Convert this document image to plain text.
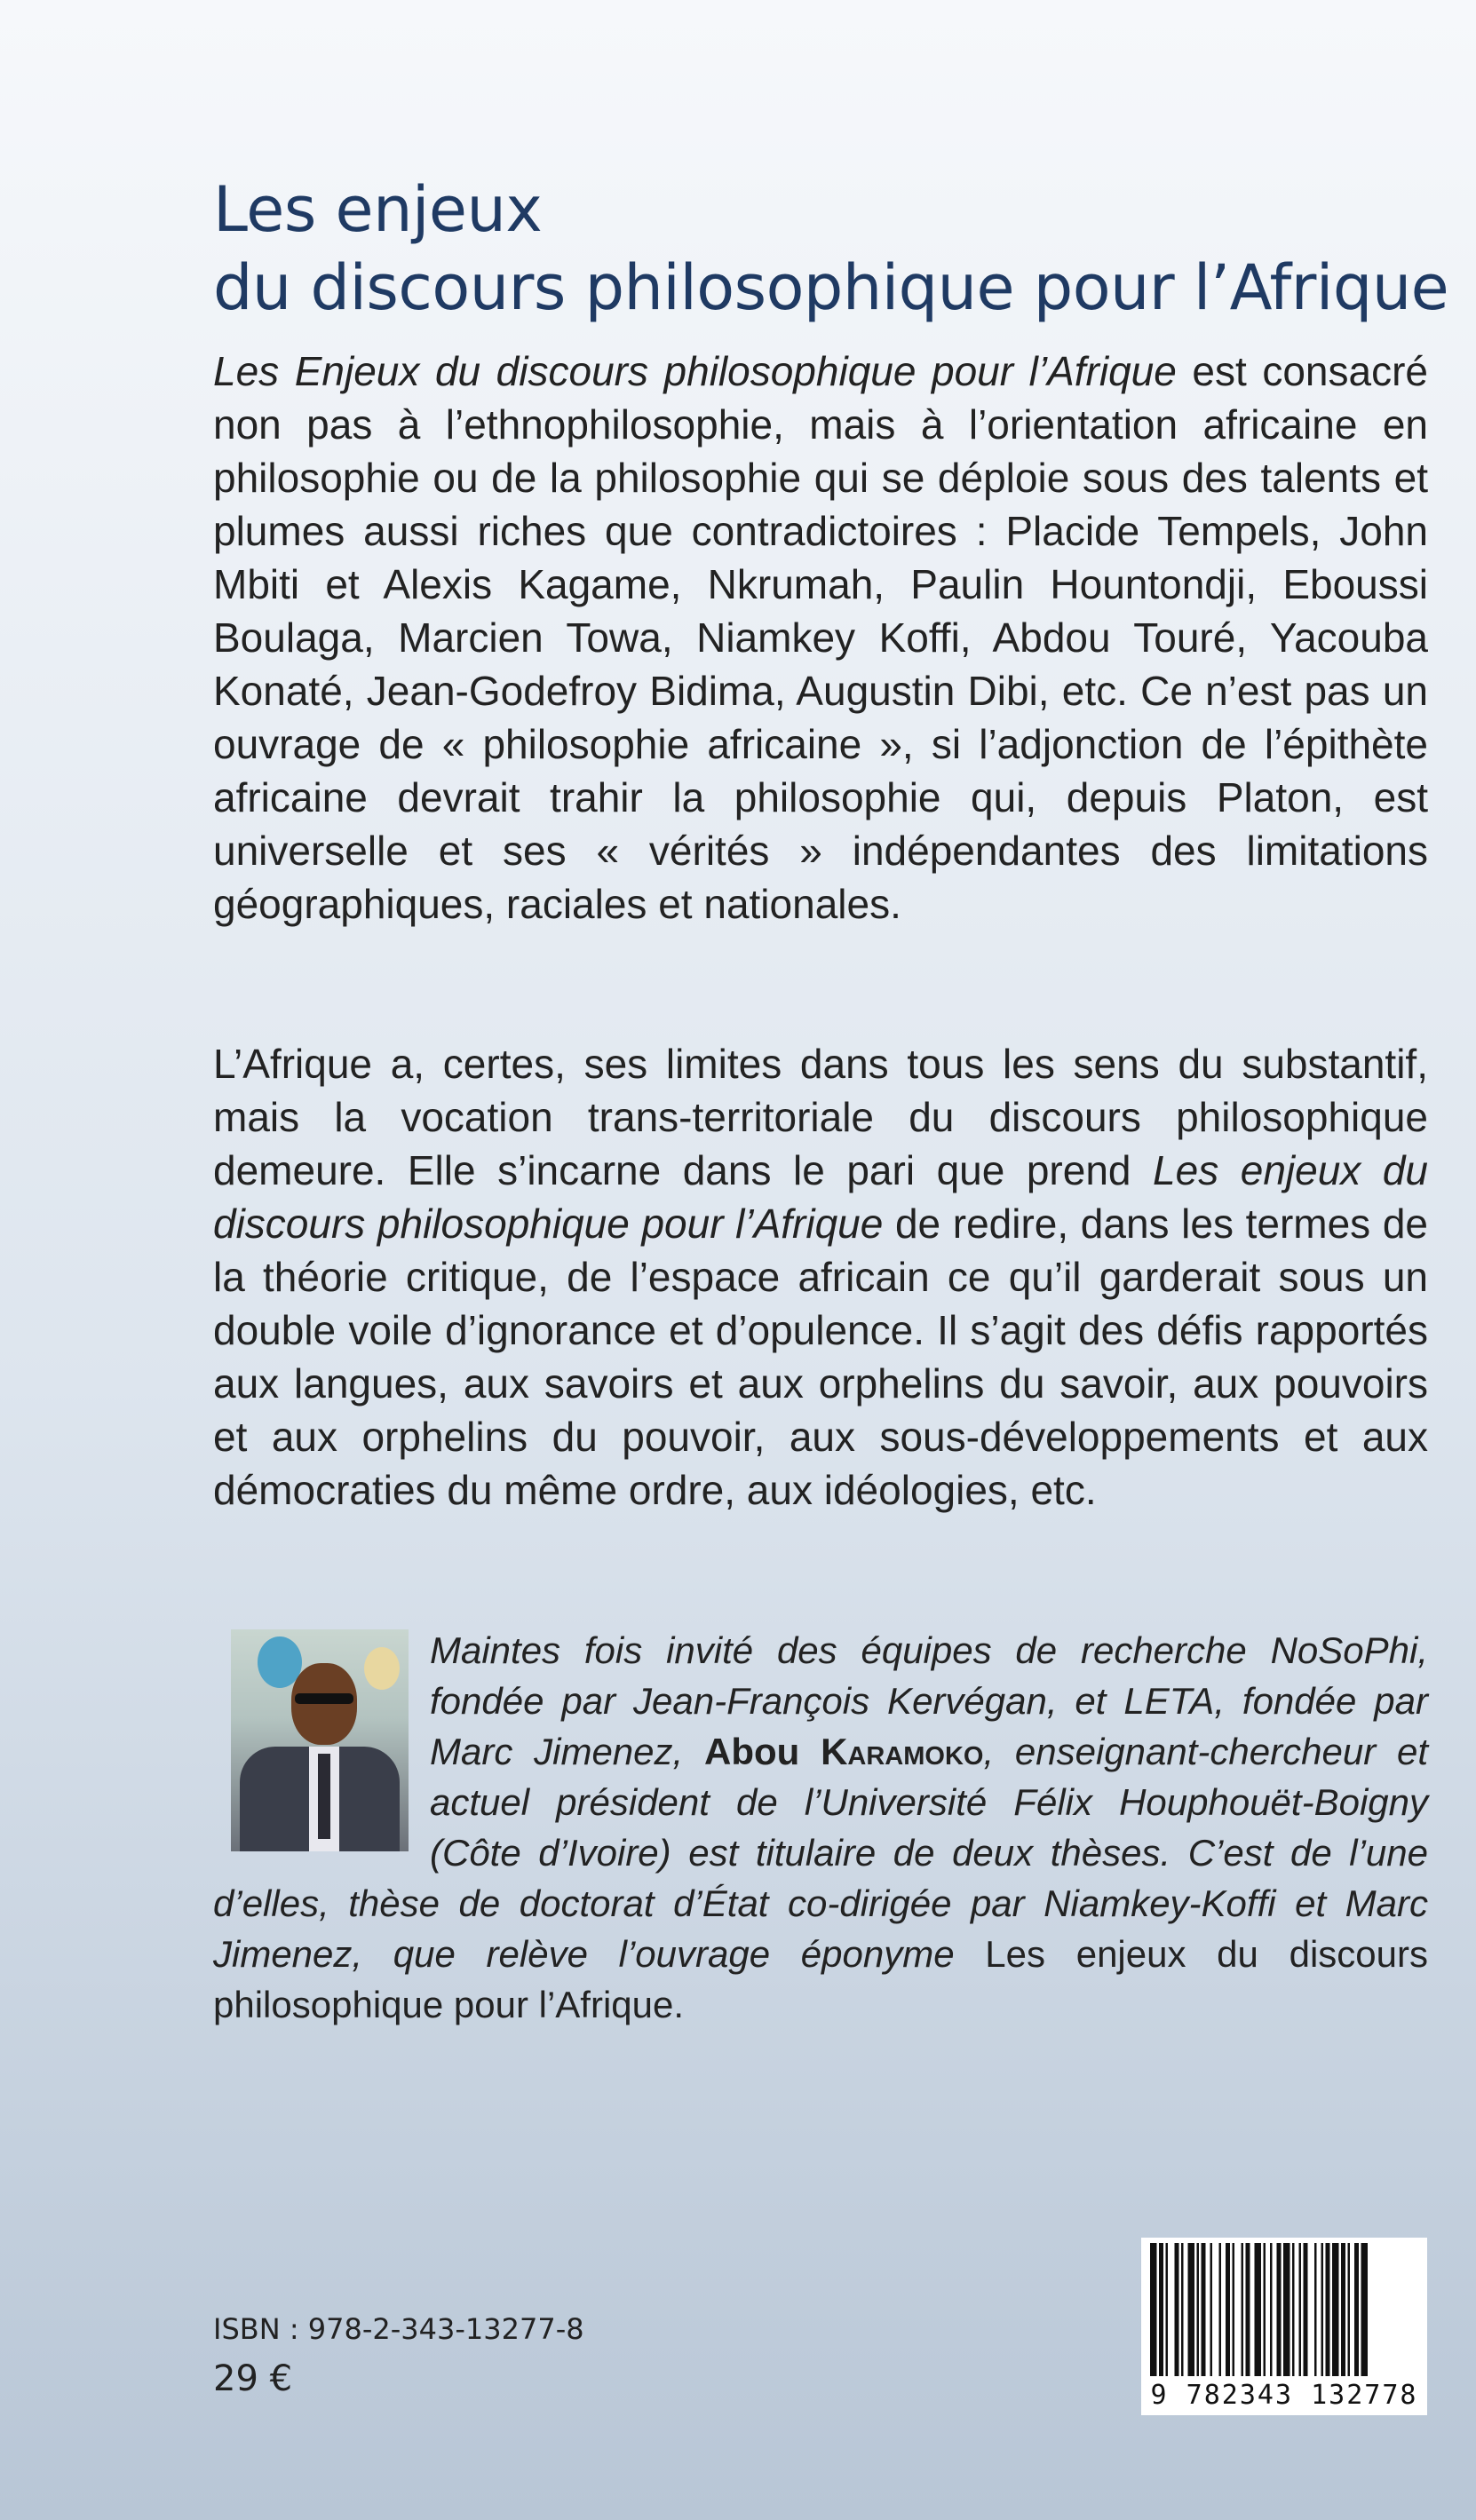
Les enjeux
du discours philosophique pour l’Afrique

Les Enjeux du discours philosophique pour l’Afrique est consacré non pas à l’ethnophilosophie, mais à l’orientation africaine en philosophie ou de la philosophie qui se déploie sous des talents et plumes aussi riches que contradictoires : Placide Tempels, John Mbiti et Alexis Kagame, Nkrumah, Paulin Hountondji, Eboussi Boulaga, Marcien Towa, Niamkey Koffi, Abdou Touré, Yacouba Konaté, Jean-Godefroy Bidima, Augustin Dibi, etc. Ce n’est pas un ouvrage de « philosophie africaine », si l’adjonction de l’épithète africaine devrait trahir la philosophie qui, depuis Platon, est universelle et ses « vérités » indépendantes des limitations géographiques, raciales et nationales.

L’Afrique a, certes, ses limites dans tous les sens du substantif, mais la vocation trans-territoriale du discours philosophique demeure. Elle s’incarne dans le pari que prend Les enjeux du discours philosophique pour l’Afrique de redire, dans les termes de la théorie critique, de l’espace africain ce qu’il garderait sous un double voile d’ignorance et d’opulence. Il s’agit des défis rapportés aux langues, aux savoirs et aux orphelins du savoir, aux pouvoirs et aux orphelins du pouvoir, aux sous-développements et aux démocraties du même ordre, aux idéologies, etc.

Maintes fois invité des équipes de recherche NoSoPhi, fondée par Jean-François Kervégan, et LETA, fondée par Marc Jimenez, Abou Karamoko, enseignant-chercheur et actuel président de l’Université Félix Houphouët-Boigny (Côte d’Ivoire) est titulaire de deux thèses. C’est de l’une d’elles, thèse de doctorat d’État co-dirigée par Niamkey-Koffi et Marc Jimenez, que relève l’ouvrage éponyme Les enjeux du discours philosophique pour l’Afrique.
ISBN : 978-2-343-13277-8
29 €	9 782343 132778
